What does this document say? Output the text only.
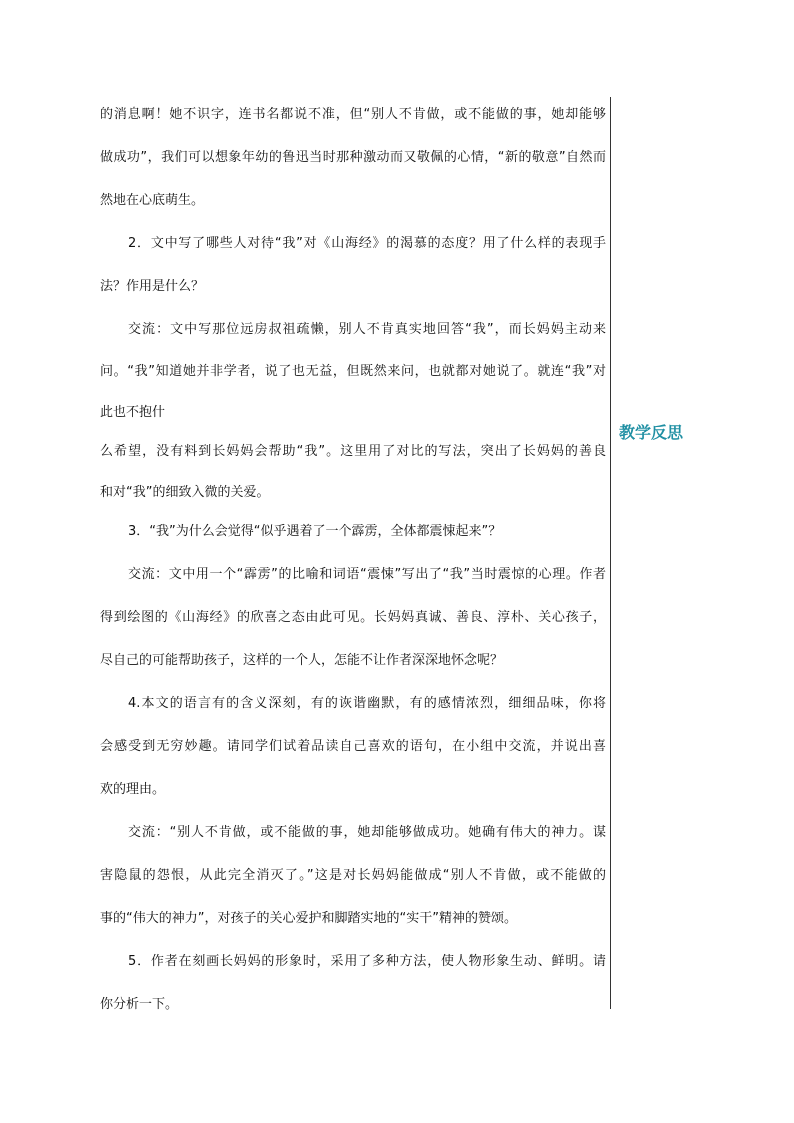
的消息啊！她不识字，连书名都说不准，但“别人不肯做，或不能做的事，她却能够
做成功”，我们可以想象年幼的鲁迅当时那种激动而又敬佩的心情，“新的敬意”自然而
然地在心底萌生。
2．文中写了哪些人对待“我”对《山海经》的渴慕的态度？用了什么样的表现手
法？作用是什么？
交流：文中写那位远房叔祖疏懒，别人不肯真实地回答“我”，而长妈妈主动来
问。“我”知道她并非学者，说了也无益，但既然来问，也就都对她说了。就连“我”对
此也不抱什
么希望，没有料到长妈妈会帮助“我”。这里用了对比的写法，突出了长妈妈的善良
和对“我”的细致入微的关爱。
3．“我”为什么会觉得“似乎遇着了一个霹雳，全体都震悚起来”？
交流：文中用一个“霹雳”的比喻和词语“震悚”写出了“我”当时震惊的心理。作者
得到绘图的《山海经》的欣喜之态由此可见。长妈妈真诚、善良、淳朴、关心孩子，
尽自己的可能帮助孩子，这样的一个人，怎能不让作者深深地怀念呢？
4.本文的语言有的含义深刻，有的诙谐幽默，有的感情浓烈，细细品味，你将
会感受到无穷妙趣。请同学们试着品读自己喜欢的语句，在小组中交流，并说出喜
欢的理由。
交流：“别人不肯做，或不能做的事，她却能够做成功。她确有伟大的神力。谋
害隐鼠的怨恨，从此完全消灭了。”这是对长妈妈能做成“别人不肯做，或不能做的
事的“伟大的神力”，对孩子的关心爱护和脚踏实地的“实干”精神的赞颂。
5．作者在刻画长妈妈的形象时，采用了多种方法，使人物形象生动、鲜明。请
你分析一下。
教学反思
